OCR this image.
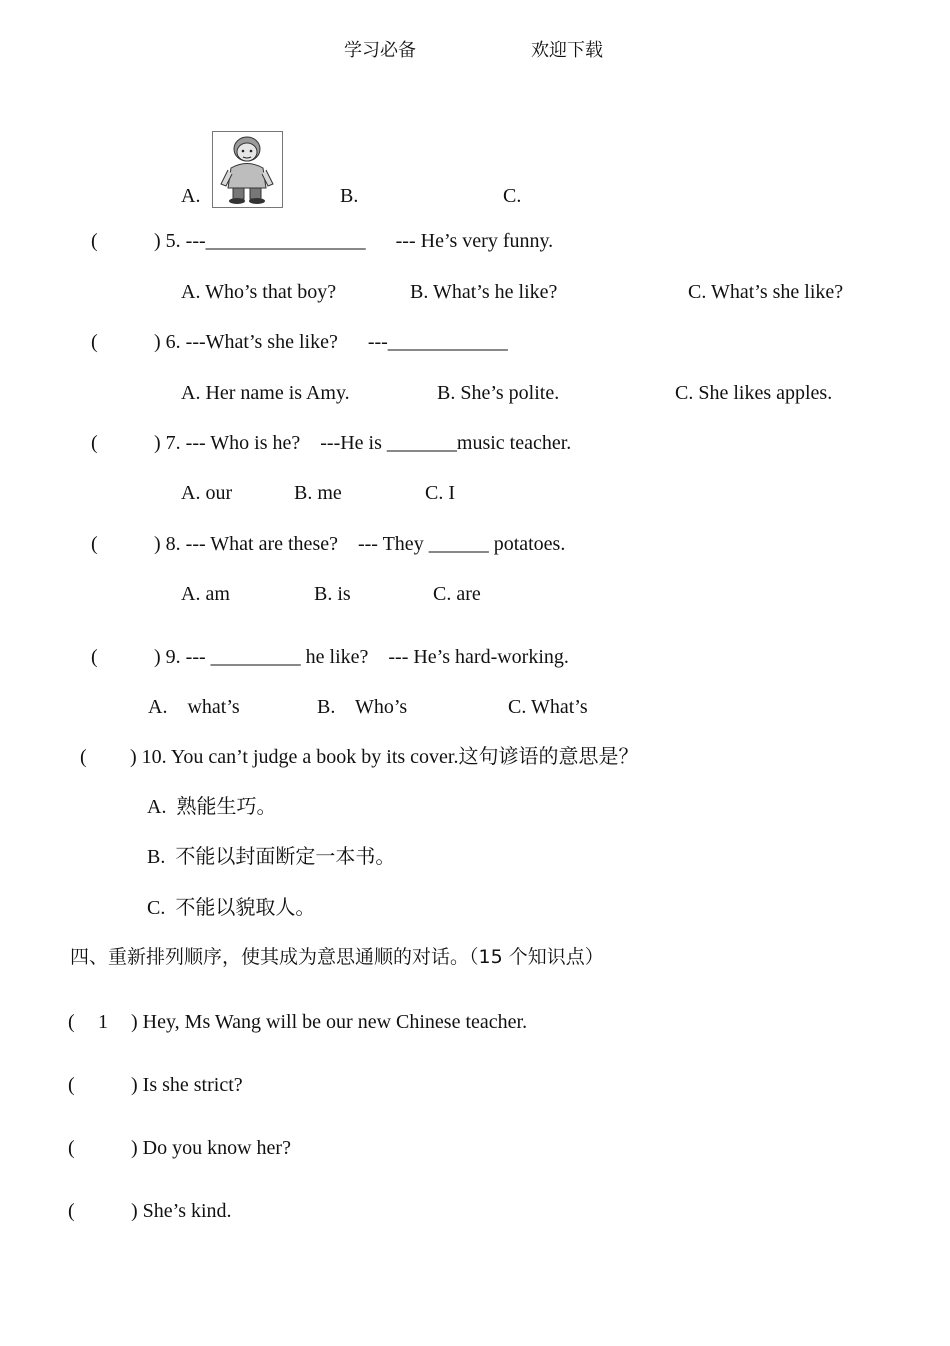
学习必备	欢迎下载
A.	B.	C.
(	) 5. ---________________      --- He’s very funny.
A. Who’s that boy?	B. What’s he like?	C. What’s she like?
(	) 6. ---What’s she like?      ---____________
A. Her name is Amy.	B. She’s polite.	C. She likes apples.
(	) 7. --- Who is he?    ---He is _______music teacher.
A. our	B. me	C. I
(	) 8. --- What are these?    --- They ______ potatoes.
A. am	B. is	C. are
(	) 9. --- _________ he like?    --- He’s hard-working.
A.    what’s	B.    Who’s	C. What’s
( ) 10. You can’t judge a book by its cover.这句谚语的意思是？
A.  熟能生巧。
B.  不能以封面断定一本书。
C.  不能以貌取人。
四、重新排列顺序，使其成为意思通顺的对话。（15 个知识点）
( 1 ) Hey, Ms Wang will be our new Chinese teacher.
(	) Is she strict?
(	) Do you know her?
(	) She’s kind.
